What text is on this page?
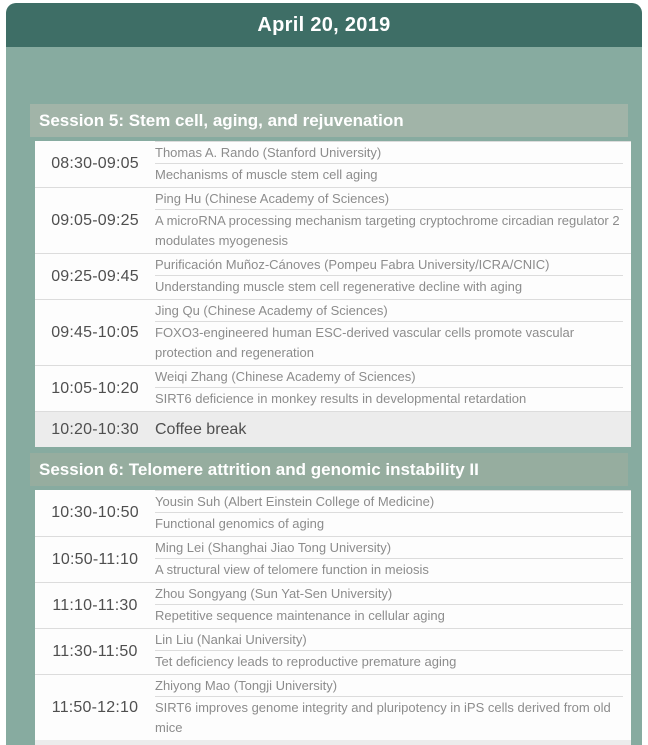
April 20, 2019
Session 5: Stem cell, aging, and rejuvenation
08:30-09:05
Thomas A. Rando (Stanford University)
Mechanisms of muscle stem cell aging
09:05-09:25
Ping Hu (Chinese Academy of Sciences)
A microRNA processing mechanism targeting cryptochrome circadian regulator 2 modulates myogenesis
09:25-09:45
Purificación Muñoz-Cánoves (Pompeu Fabra University/ICRA/CNIC)
Understanding muscle stem cell regenerative decline with aging
09:45-10:05
Jing Qu (Chinese Academy of Sciences)
FOXO3-engineered human ESC-derived vascular cells promote vascular protection and regeneration
10:05-10:20
Weiqi Zhang (Chinese Academy of Sciences)
SIRT6 deficience in monkey results in developmental retardation
10:20-10:30	Coffee break
Session 6: Telomere attrition and genomic instability II
10:30-10:50
Yousin Suh (Albert Einstein College of Medicine)
Functional genomics of aging
10:50-11:10
Ming Lei (Shanghai Jiao Tong University)
A structural view of telomere function in meiosis
11:10-11:30
Zhou Songyang (Sun Yat-Sen University)
Repetitive sequence maintenance in cellular aging
11:30-11:50
Lin Liu (Nankai University)
Tet deficiency leads to reproductive premature aging
11:50-12:10
Zhiyong Mao (Tongji University)
SIRT6 improves genome integrity and pluripotency in iPS cells derived from old mice
